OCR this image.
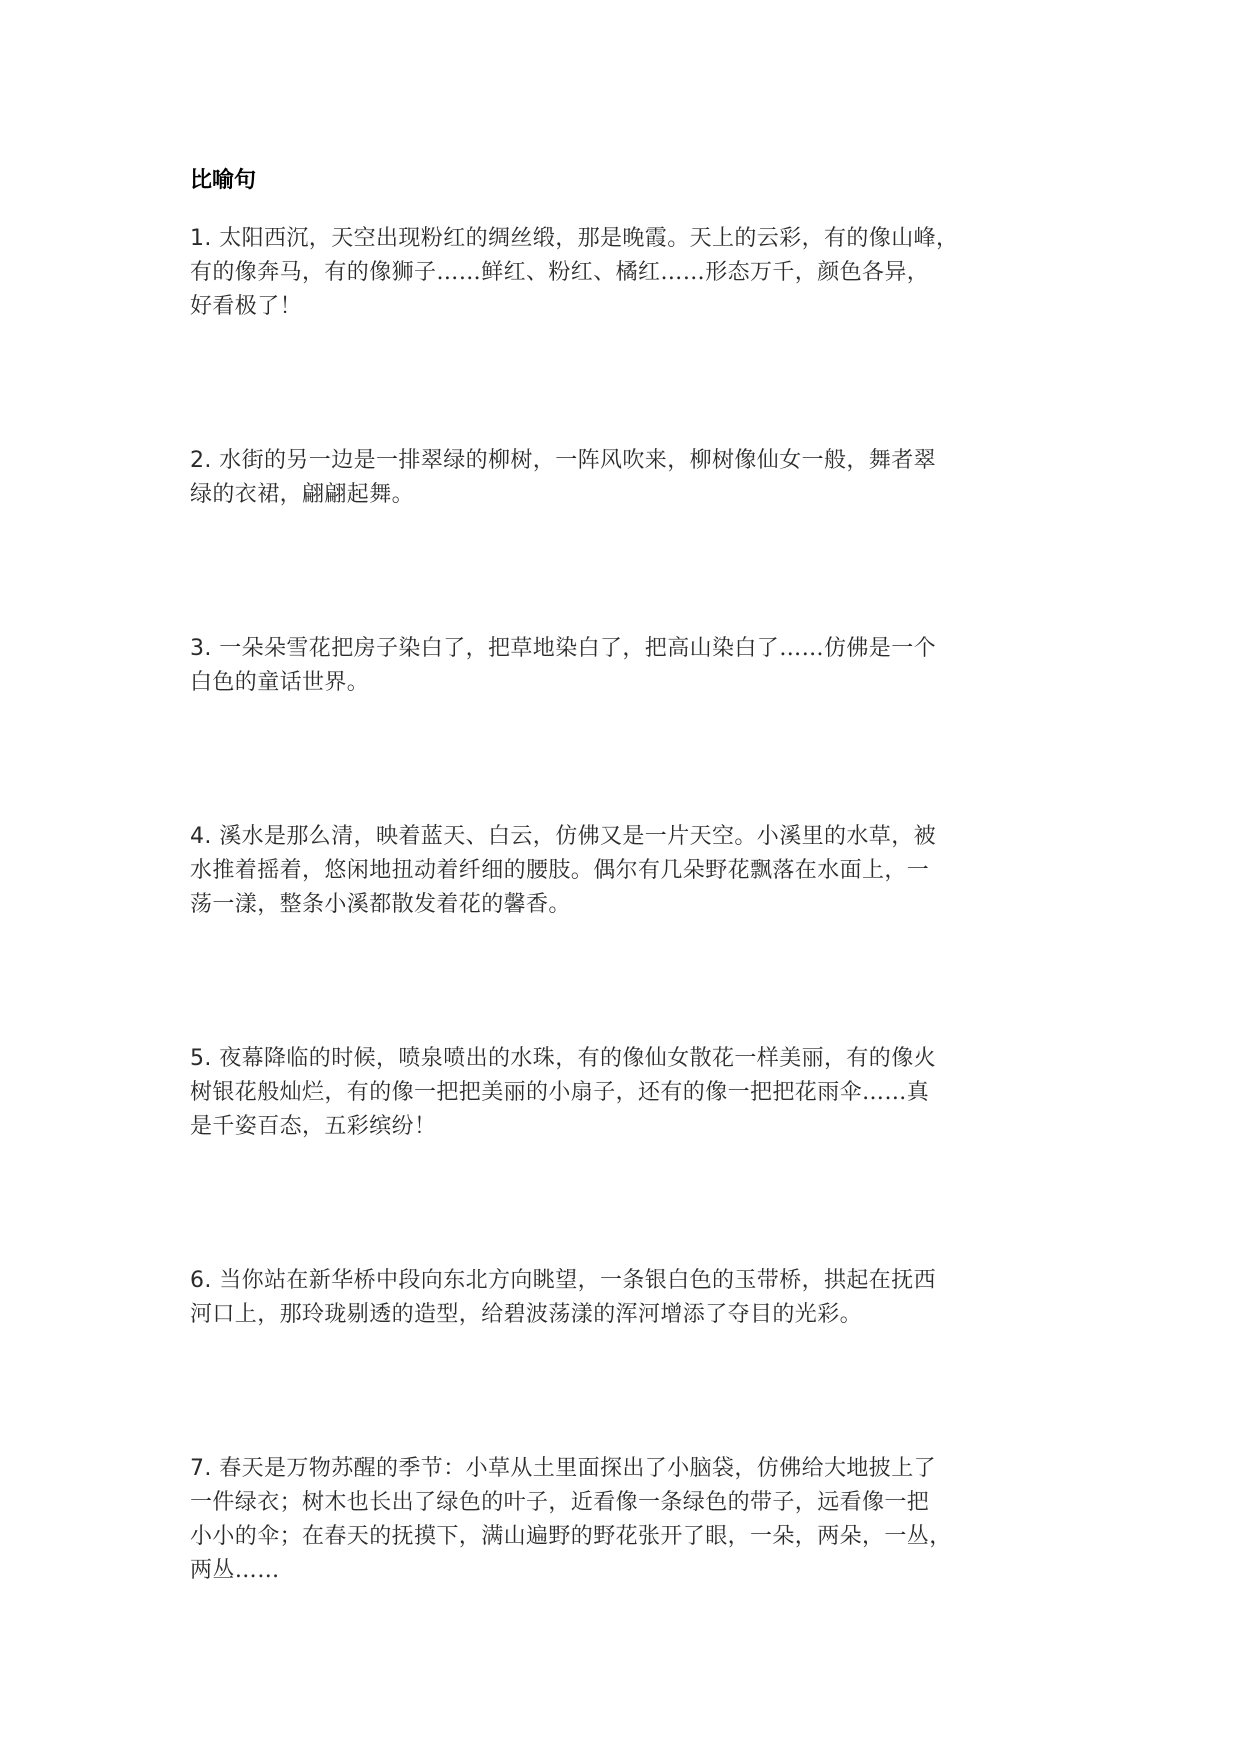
比喻句
1. 太阳西沉，天空出现粉红的绸丝缎，那是晚霞。天上的云彩，有的像山峰，
有的像奔马，有的像狮子……鲜红、粉红、橘红……形态万千，颜色各异，
好看极了！
2. 水街的另一边是一排翠绿的柳树，一阵风吹来，柳树像仙女一般，舞者翠
绿的衣裙，翩翩起舞。
3. 一朵朵雪花把房子染白了，把草地染白了，把高山染白了……仿佛是一个
白色的童话世界。
4. 溪水是那么清，映着蓝天、白云，仿佛又是一片天空。小溪里的水草，被
水推着摇着，悠闲地扭动着纤细的腰肢。偶尔有几朵野花飘落在水面上，一
荡一漾，整条小溪都散发着花的馨香。
5. 夜幕降临的时候，喷泉喷出的水珠，有的像仙女散花一样美丽，有的像火
树银花般灿烂，有的像一把把美丽的小扇子，还有的像一把把花雨伞……真
是千姿百态，五彩缤纷！
6. 当你站在新华桥中段向东北方向眺望，一条银白色的玉带桥，拱起在抚西
河口上，那玲珑剔透的造型，给碧波荡漾的浑河增添了夺目的光彩。
7. 春天是万物苏醒的季节：小草从土里面探出了小脑袋，仿佛给大地披上了
一件绿衣；树木也长出了绿色的叶子，近看像一条绿色的带子，远看像一把
小小的伞；在春天的抚摸下，满山遍野的野花张开了眼，一朵，两朵，一丛，
两丛……
